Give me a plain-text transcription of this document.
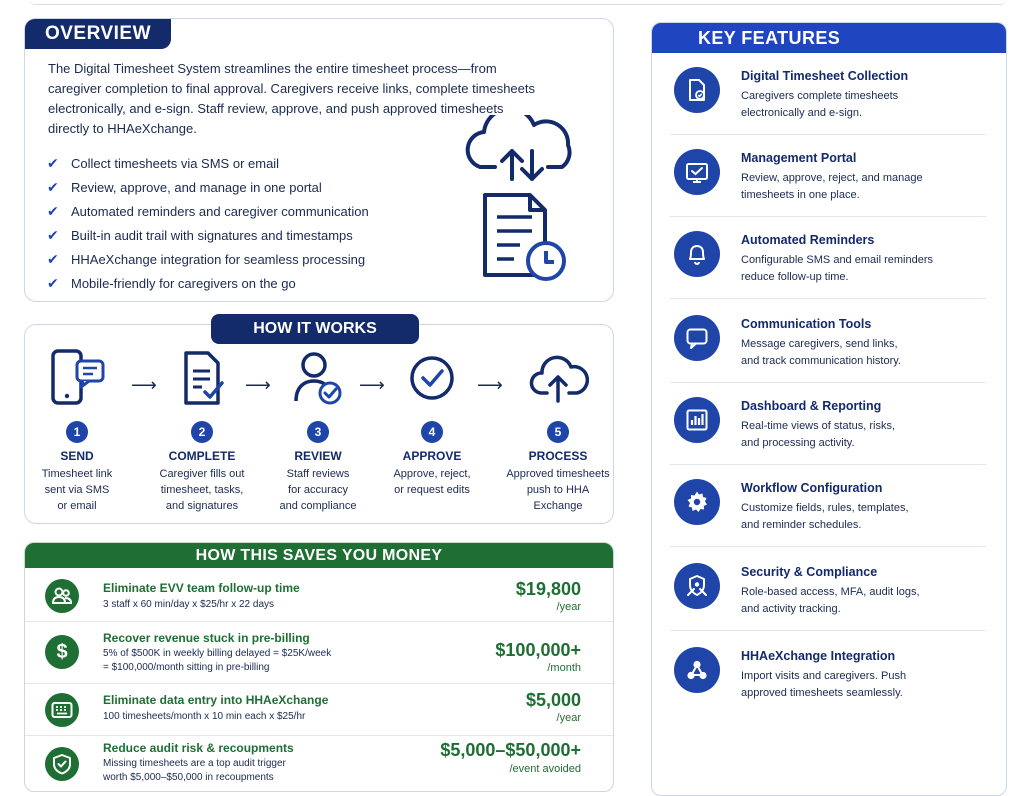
OVERVIEW

The Digital Timesheet System streamlines the entire timesheet process—from caregiver completion to final approval. Caregivers receive links, complete timesheets electronically, and e-sign. Staff review, approve, and push approved timesheets directly to HHAeXchange.

✔ Collect timesheets via SMS or email
✔ Review, approve, and manage in one portal
✔ Automated reminders and caregiver communication
✔ Built-in audit trail with signatures and timestamps
✔ HHAeXchange integration for seamless processing
✔ Mobile-friendly for caregivers on the go
HOW IT WORKS
1
SEND
Timesheet link
sent via SMS
or email
⟶
2
COMPLETE
Caregiver fills out
timesheet, tasks,
and signatures
⟶
3
REVIEW
Staff reviews
for accuracy
and compliance
⟶
4
APPROVE
Approve, reject,
or request edits
⟶
5
PROCESS
Approved timesheets
push to HHA
Exchange
HOW THIS SAVES YOU MONEY
Eliminate EVV team follow-up time
3 staff x 60 min/day x $25/hr x 22 days
$19,800
/year
$
Recover revenue stuck in pre-billing
5% of $500K in weekly billing delayed = $25K/week
= $100,000/month sitting in pre-billing
$100,000+
/month
Eliminate data entry into HHAeXchange
100 timesheets/month x 10 min each x $25/hr
$5,000
/year
Reduce audit risk & recoupments
Missing timesheets are a top audit trigger
worth $5,000–$50,000 in recoupments
$5,000–$50,000+
/event avoided
KEY FEATURES
Digital Timesheet Collection
Caregivers complete timesheets
electronically and e-sign.
Management Portal
Review, approve, reject, and manage
timesheets in one place.
Automated Reminders
Configurable SMS and email reminders
reduce follow-up time.
Communication Tools
Message caregivers, send links,
and track communication history.
Dashboard & Reporting
Real-time views of status, risks,
and processing activity.
Workflow Configuration
Customize fields, rules, templates,
and reminder schedules.
Security & Compliance
Role-based access, MFA, audit logs,
and activity tracking.
HHAeXchange Integration
Import visits and caregivers. Push
approved timesheets seamlessly.
